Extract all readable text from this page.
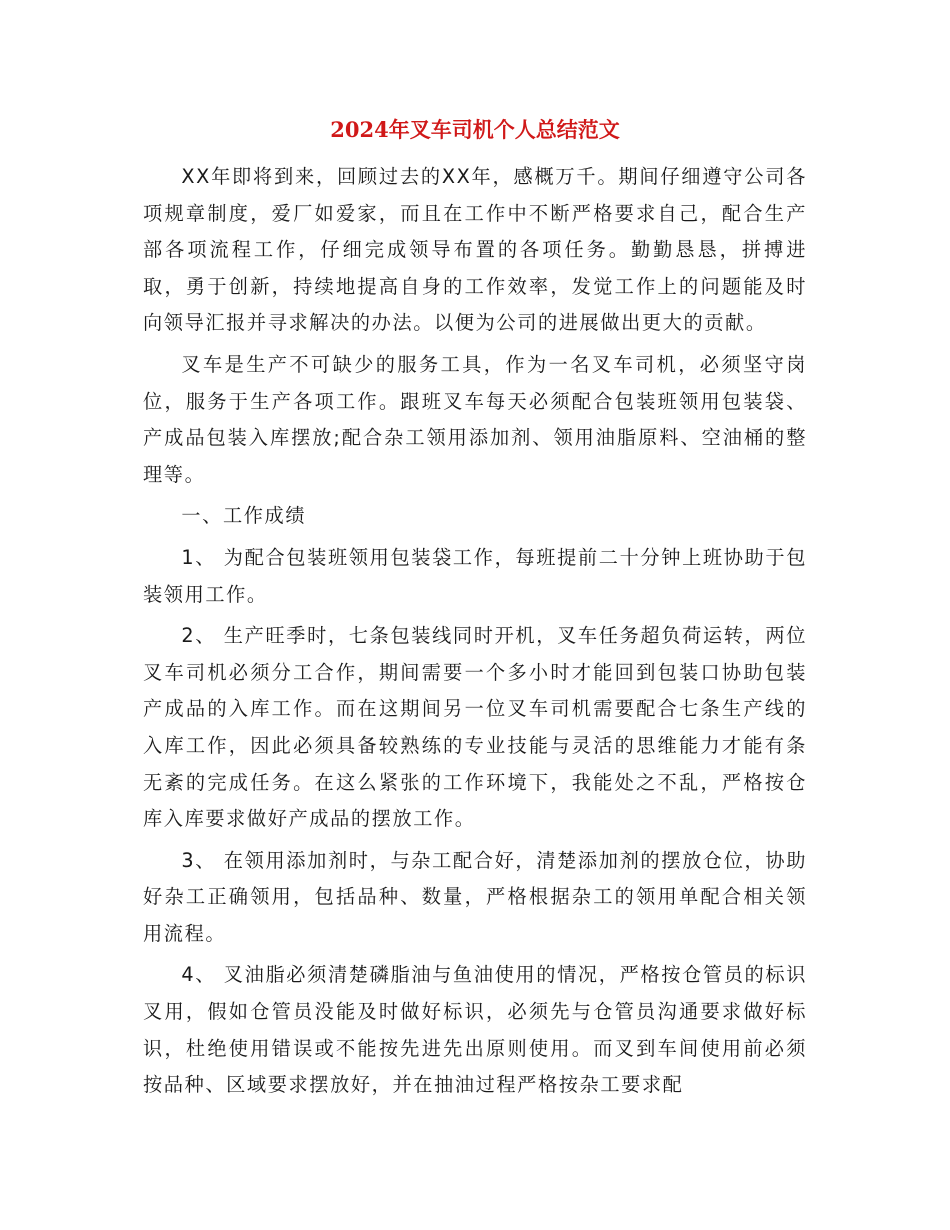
2024年叉车司机个人总结范文

XX年即将到来，回顾过去的XX年，感概万千。期间仔细遵守公司各项规章制度，爱厂如爱家，而且在工作中不断严格要求自己，配合生产部各项流程工作，仔细完成领导布置的各项任务。勤勤恳恳，拼搏进取，勇于创新，持续地提高自身的工作效率，发觉工作上的问题能及时向领导汇报并寻求解决的办法。以便为公司的进展做出更大的贡献。

叉车是生产不可缺少的服务工具，作为一名叉车司机，必须坚守岗位，服务于生产各项工作。跟班叉车每天必须配合包装班领用包装袋、产成品包装入库摆放;配合杂工领用添加剂、领用油脂原料、空油桶的整理等。

一、工作成绩

1、 为配合包装班领用包装袋工作，每班提前二十分钟上班协助于包装领用工作。

2、 生产旺季时，七条包装线同时开机，叉车任务超负荷运转，两位叉车司机必须分工合作，期间需要一个多小时才能回到包装口协助包装产成品的入库工作。而在这期间另一位叉车司机需要配合七条生产线的入库工作，因此必须具备较熟练的专业技能与灵活的思维能力才能有条无紊的完成任务。在这么紧张的工作环境下，我能处之不乱，严格按仓库入库要求做好产成品的摆放工作。

3、 在领用添加剂时，与杂工配合好，清楚添加剂的摆放仓位，协助好杂工正确领用，包括品种、数量，严格根据杂工的领用单配合相关领用流程。

4、 叉油脂必须清楚磷脂油与鱼油使用的情况，严格按仓管员的标识叉用，假如仓管员没能及时做好标识，必须先与仓管员沟通要求做好标识，杜绝使用错误或不能按先进先出原则使用。而叉到车间使用前必须按品种、区域要求摆放好，并在抽油过程严格按杂工要求配
